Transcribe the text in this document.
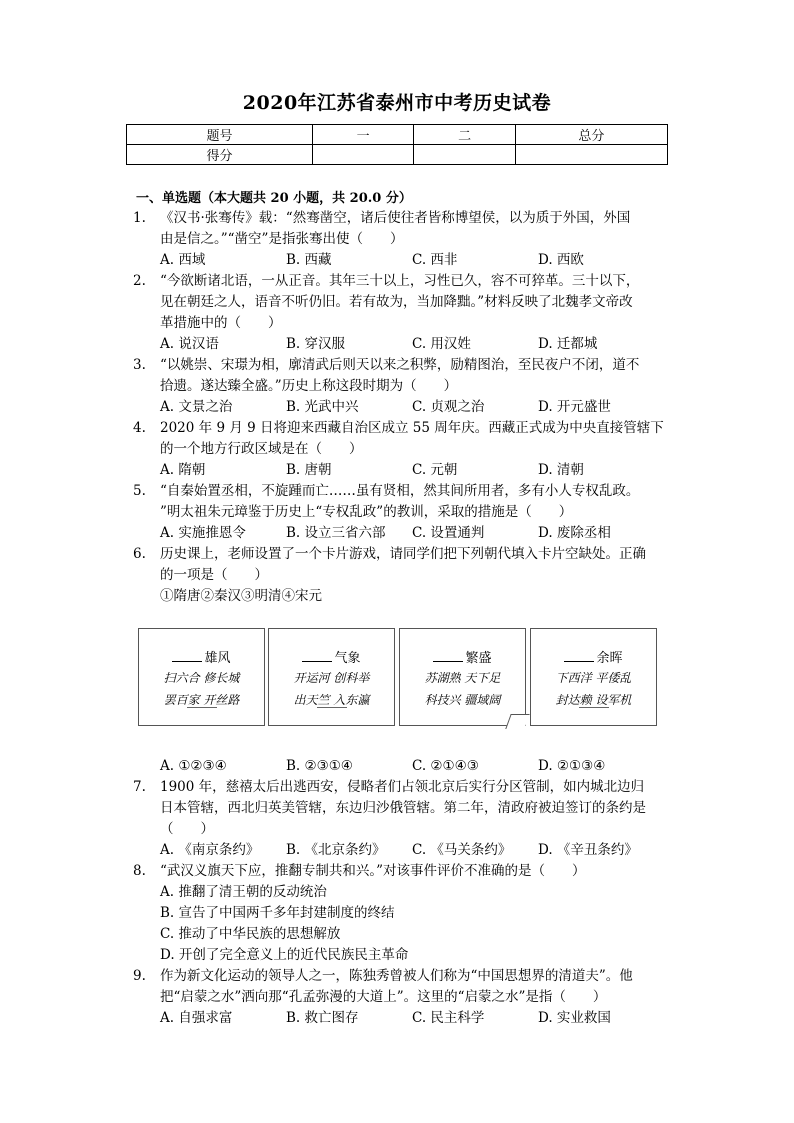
2020年江苏省泰州市中考历史试卷
题号	一	二	总分
得分			
一、单选题（本大题共 20 小题，共 20.0 分）
1.	《汉书·张骞传》载：“然骞凿空，诸后使往者皆称博望侯，以为质于外国，外国
由是信之。”“凿空”是指张骞出使（　　）
A. 西域	B. 西藏	C. 西非	D. 西欧
2.	“今欲断诸北语，一从正音。其年三十以上，习性已久，容不可猝革。三十以下，
见在朝廷之人，语音不听仍旧。若有故为，当加降黜。”材料反映了北魏孝文帝改
革措施中的（　　）
A. 说汉语	B. 穿汉服	C. 用汉姓	D. 迁都城
3.	“以姚崇、宋璟为相，廓清武后则天以来之积弊，励精图治，至民夜户不闭，道不
拾遗。遂达臻全盛。”历史上称这段时期为（　　）
A. 文景之治	B. 光武中兴	C. 贞观之治	D. 开元盛世
4.	2020 年 9 月 9 日将迎来西藏自治区成立 55 周年庆。西藏正式成为中央直接管辖下
的一个地方行政区域是在（　　）
A. 隋朝	B. 唐朝	C. 元朝	D. 清朝
5.	“自秦始置丞相，不旋踵而亡……虽有贤相，然其间所用者，多有小人专权乱政。
”明太祖朱元璋鉴于历史上“专权乱政”的教训，采取的措施是（　　）
A. 实施推恩令	B. 设立三省六部	C. 设置通判	D. 废除丞相
6.	历史课上，老师设置了一个卡片游戏，请同学们把下列朝代填入卡片空缺处。正确
的一项是（　　）
①隋唐②秦汉③明清④宋元
雄风
扫六合 修长城
罢百家 开丝路
气象
开运河 创科举
出天竺 入东瀛
繁盛
苏湖熟 天下足
科技兴 疆域阔
余晖
下西洋 平倭乱
封达赖 设军机
A. ①②③④	B. ②③①④	C. ②①④③	D. ②①③④
7.	1900 年，慈禧太后出逃西安，侵略者们占领北京后实行分区管制，如内城北边归
日本管辖，西北归英美管辖，东边归沙俄管辖。第二年，清政府被迫签订的条约是
（　　）
A. 《南京条约》	B. 《北京条约》	C. 《马关条约》	D. 《辛丑条约》
8.	“武汉义旗天下应，推翻专制共和兴。”对该事件评价不准确的是（　　）
A. 推翻了清王朝的反动统治
B. 宣告了中国两千多年封建制度的终结
C. 推动了中华民族的思想解放
D. 开创了完全意义上的近代民族民主革命
9.	作为新文化运动的领导人之一，陈独秀曾被人们称为“中国思想界的清道夫”。他
把“启蒙之水”洒向那“孔孟弥漫的大道上”。这里的“启蒙之水”是指（　　）
A. 自强求富	B. 救亡图存	C. 民主科学	D. 实业救国
